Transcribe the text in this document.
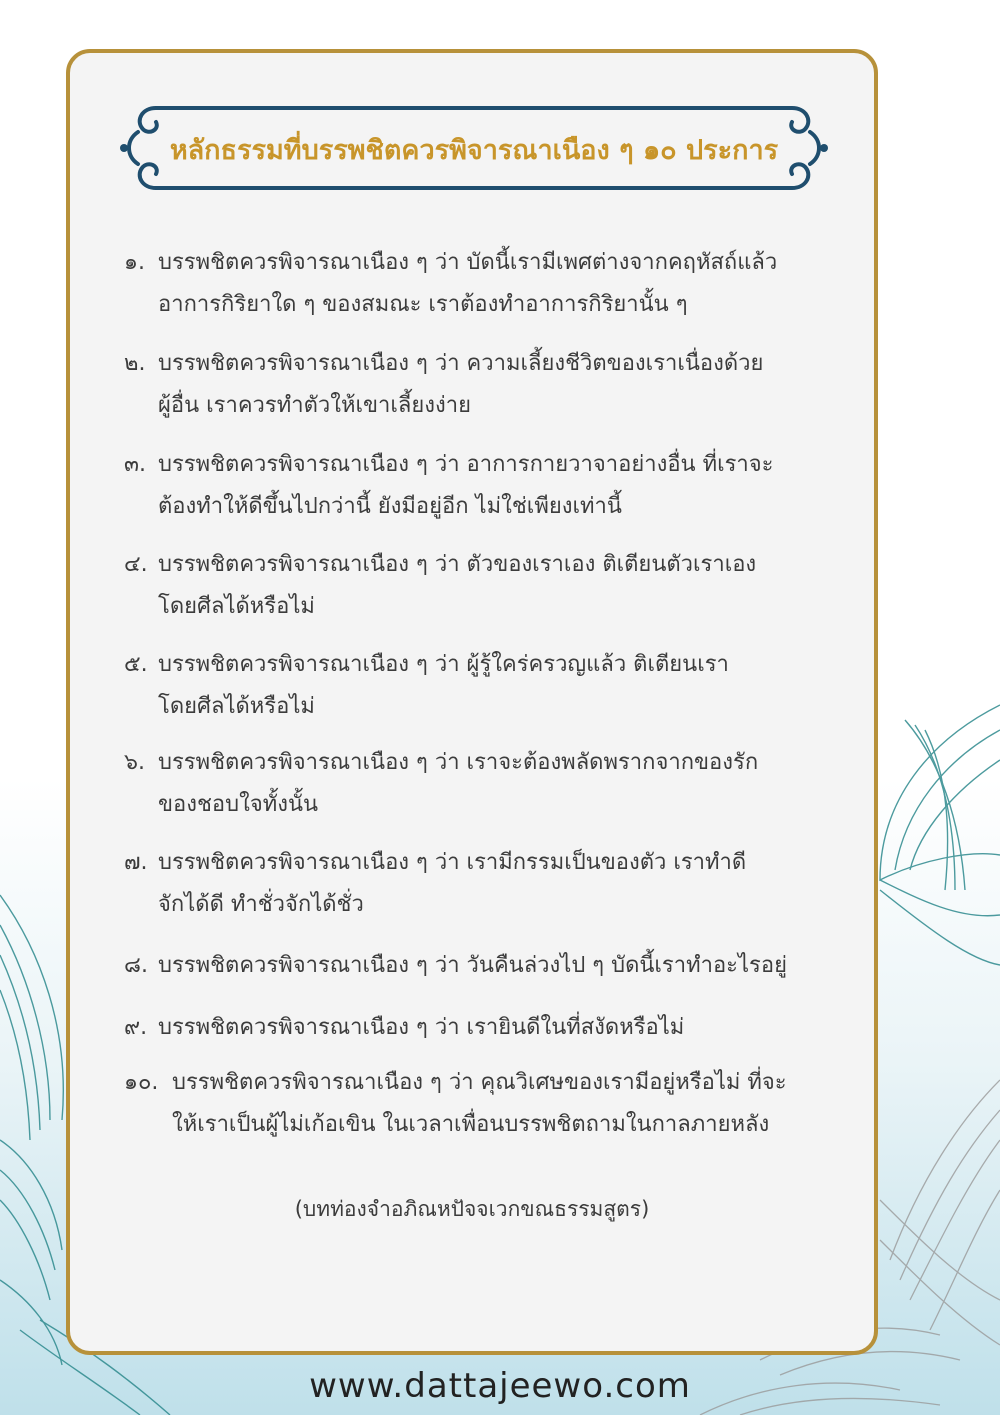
หลักธรรมที่บรรพชิตควรพิจารณาเนือง ๆ ๑๐ ประการ
๑. บรรพชิตควรพิจารณาเนือง ๆ ว่า บัดนี้เรามีเพศต่างจากคฤหัสถ์แล้ว
อาการกิริยาใด ๆ ของสมณะ เราต้องทำอาการกิริยานั้น ๆ
๒. บรรพชิตควรพิจารณาเนือง ๆ ว่า ความเลี้ยงชีวิตของเราเนื่องด้วย
ผู้อื่น เราควรทำตัวให้เขาเลี้ยงง่าย
๓. บรรพชิตควรพิจารณาเนือง ๆ ว่า อาการกายวาจาอย่างอื่น ที่เราจะ
ต้องทำให้ดีขึ้นไปกว่านี้ ยังมีอยู่อีก ไม่ใช่เพียงเท่านี้
๔. บรรพชิตควรพิจารณาเนือง ๆ ว่า ตัวของเราเอง ติเตียนตัวเราเอง
โดยศีลได้หรือไม่
๕. บรรพชิตควรพิจารณาเนือง ๆ ว่า ผู้รู้ใคร่ครวญแล้ว ติเตียนเรา
โดยศีลได้หรือไม่
๖. บรรพชิตควรพิจารณาเนือง ๆ ว่า เราจะต้องพลัดพรากจากของรัก
ของชอบใจทั้งนั้น
๗. บรรพชิตควรพิจารณาเนือง ๆ ว่า เรามีกรรมเป็นของตัว เราทำดี
จักได้ดี ทำชั่วจักได้ชั่ว
๘. บรรพชิตควรพิจารณาเนือง ๆ ว่า วันคืนล่วงไป ๆ บัดนี้เราทำอะไรอยู่
๙. บรรพชิตควรพิจารณาเนือง ๆ ว่า เรายินดีในที่สงัดหรือไม่
๑๐. บรรพชิตควรพิจารณาเนือง ๆ ว่า คุณวิเศษของเรามีอยู่หรือไม่ ที่จะ
ให้เราเป็นผู้ไม่เก้อเขิน ในเวลาเพื่อนบรรพชิตถามในกาลภายหลัง
(บทท่องจำอภิณหปัจจเวกขณธรรมสูตร)
www.dattajeewo.com
